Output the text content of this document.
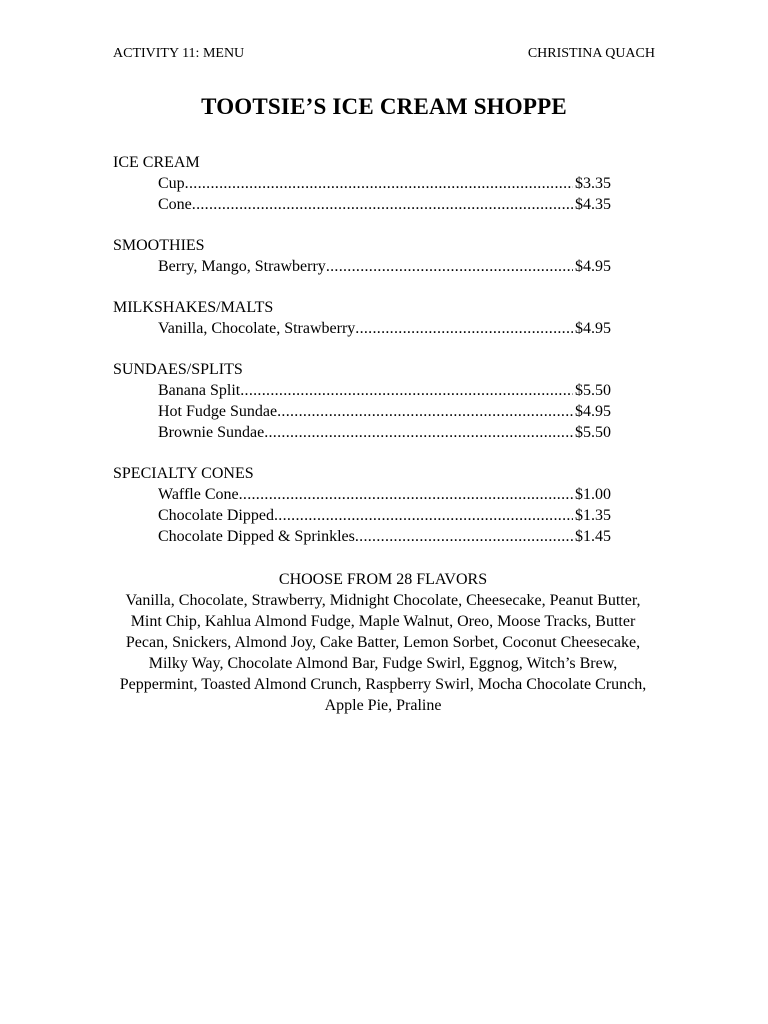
ACTIVITY 11: MENU	CHRISTINA QUACH
TOOTSIE’S ICE CREAM SHOPPE
ICE CREAM
Cup .....	$3.35
Cone .....	$4.35
SMOOTHIES
Berry, Mango, Strawberry .....	$4.95
MILKSHAKES/MALTS
Vanilla, Chocolate, Strawberry .....	$4.95
SUNDAES/SPLITS
Banana Split .....	$5.50
Hot Fudge Sundae .....	$4.95
Brownie Sundae .....	$5.50
SPECIALTY CONES
Waffle Cone .....	$1.00
Chocolate Dipped .....	$1.35
Chocolate Dipped & Sprinkles .....	$1.45
CHOOSE FROM 28 FLAVORS

Vanilla, Chocolate, Strawberry, Midnight Chocolate, Cheesecake, Peanut Butter, Mint Chip, Kahlua Almond Fudge, Maple Walnut, Oreo, Moose Tracks, Butter Pecan, Snickers, Almond Joy, Cake Batter, Lemon Sorbet, Coconut Cheesecake, Milky Way, Chocolate Almond Bar, Fudge Swirl, Eggnog, Witch’s Brew, Peppermint, Toasted Almond Crunch, Raspberry Swirl, Mocha Chocolate Crunch, Apple Pie, Praline
